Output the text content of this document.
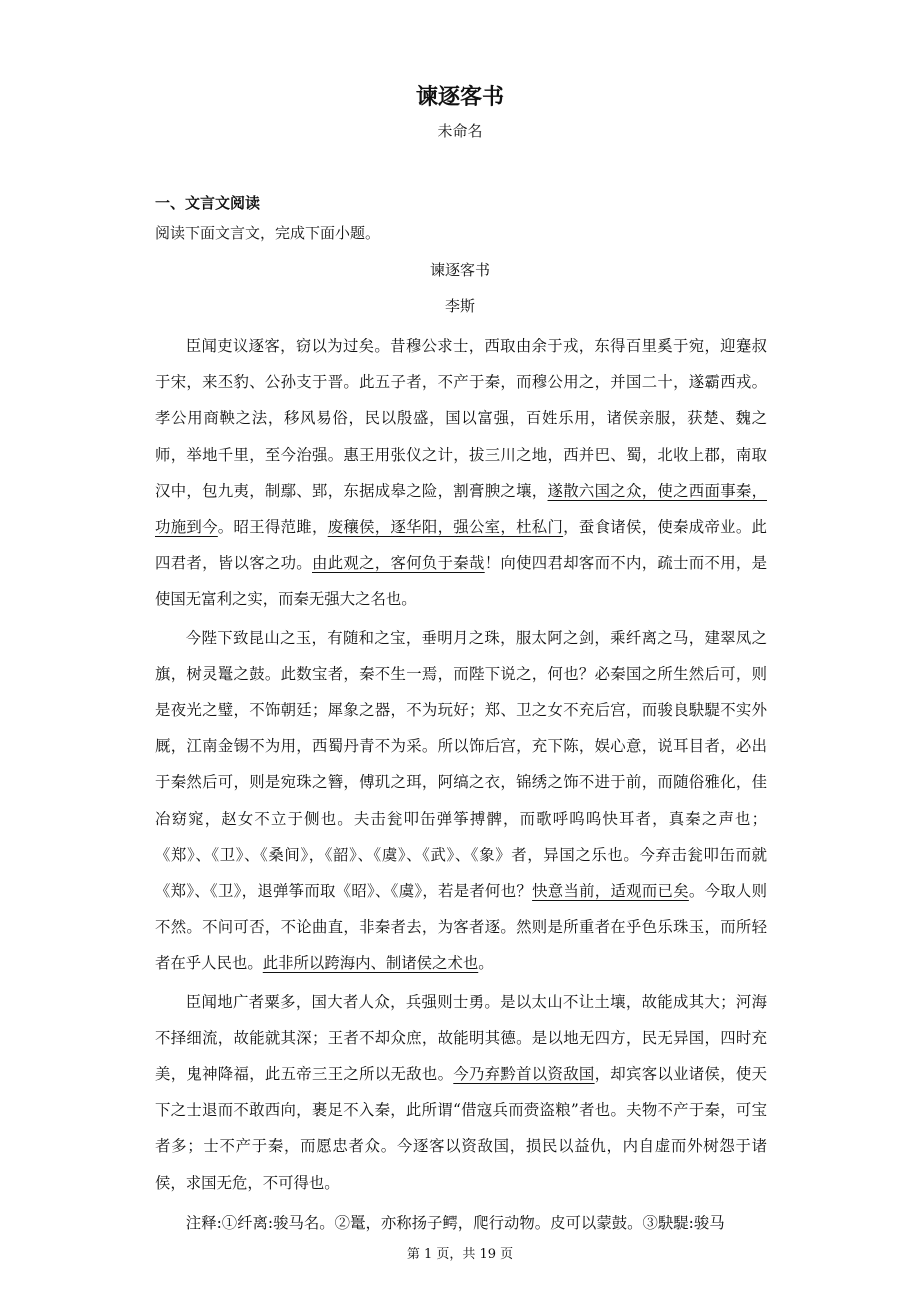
谏逐客书
未命名
一、文言文阅读
阅读下面文言文，完成下面小题。
谏逐客书
李斯

臣闻吏议逐客，窃以为过矣。昔穆公求士，西取由余于戎，东得百里奚于宛，迎蹇叔于宋，来丕豹、公孙支于晋。此五子者，不产于秦，而穆公用之，并国二十，遂霸西戎。孝公用商鞅之法，移风易俗，民以殷盛，国以富强，百姓乐用，诸侯亲服，获楚、魏之师，举地千里，至今治强。惠王用张仪之计，拔三川之地，西并巴、蜀，北收上郡，南取汉中，包九夷，制鄢、郢，东据成皋之险，割膏腴之壤，遂散六国之众，使之西面事秦，功施到今。昭王得范雎，废穰侯，逐华阳，强公室，杜私门，蚕食诸侯，使秦成帝业。此四君者，皆以客之功。由此观之，客何负于秦哉！向使四君却客而不内，疏士而不用，是使国无富利之实，而秦无强大之名也。

今陛下致昆山之玉，有随和之宝，垂明月之珠，服太阿之剑，乘纤离之马，建翠凤之旗，树灵鼍之鼓。此数宝者，秦不生一焉，而陛下说之，何也？必秦国之所生然后可，则是夜光之璧，不饰朝廷；犀象之器，不为玩好；郑、卫之女不充后宫，而骏良駃騠不实外厩，江南金锡不为用，西蜀丹青不为采。所以饰后宫，充下陈，娱心意，说耳目者，必出于秦然后可，则是宛珠之簪，傅玑之珥，阿缟之衣，锦绣之饰不进于前，而随俗雅化，佳冶窈窕，赵女不立于侧也。夫击瓮叩缶弹筝搏髀，而歌呼呜呜快耳者，真秦之声也；《郑》、《卫》、《桑间》，《韶》、《虞》、《武》、《象》者，异国之乐也。今弃击瓮叩缶而就《郑》、《卫》，退弹筝而取《昭》、《虞》，若是者何也？快意当前，适观而已矣。今取人则不然。不问可否，不论曲直，非秦者去，为客者逐。然则是所重者在乎色乐珠玉，而所轻者在乎人民也。此非所以跨海内、制诸侯之术也。

臣闻地广者粟多，国大者人众，兵强则士勇。是以太山不让土壤，故能成其大；河海不择细流，故能就其深；王者不却众庶，故能明其德。是以地无四方，民无异国，四时充美，鬼神降福，此五帝三王之所以无敌也。今乃弃黔首以资敌国，却宾客以业诸侯，使天下之士退而不敢西向，裹足不入秦，此所谓“借寇兵而赍盗粮”者也。夫物不产于秦，可宝者多；士不产于秦，而愿忠者众。今逐客以资敌国，损民以益仇，内自虚而外树怨于诸侯，求国无危，不可得也。

注释:①纤离:骏马名。②鼍，亦称扬子鳄，爬行动物。皮可以蒙鼓。③駃騠:骏马

第 1 页，共 19 页
